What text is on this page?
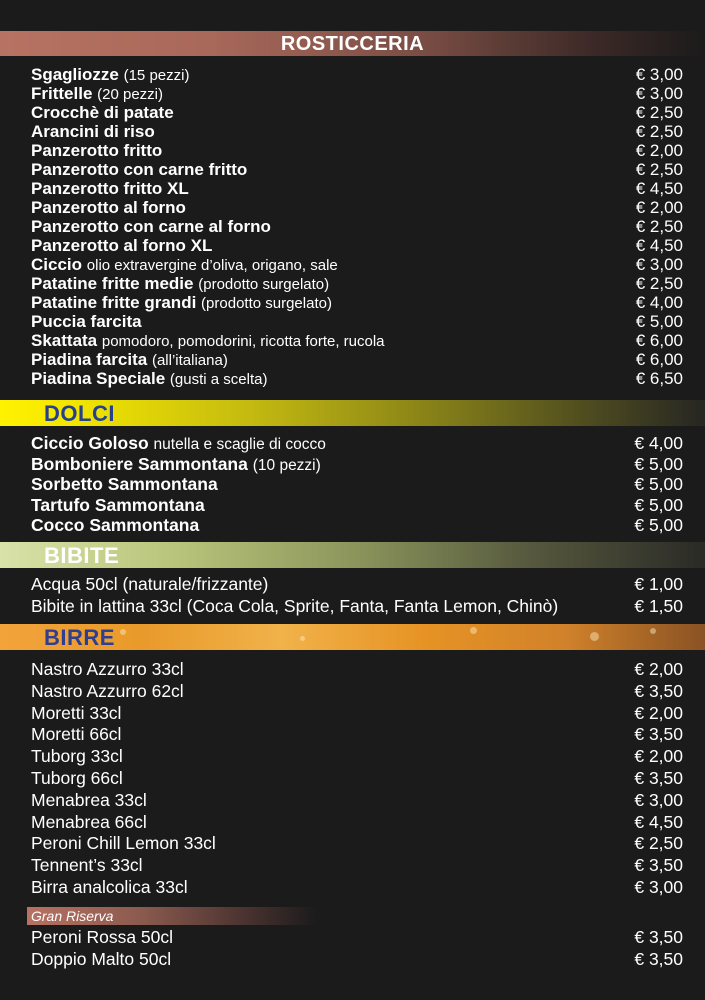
ROSTICCERIA
Sgagliozze (15 pezzi)	€ 3,00
Frittelle (20 pezzi)	€ 3,00
Crocchè di patate	€ 2,50
Arancini di riso	€ 2,50
Panzerotto fritto	€ 2,00
Panzerotto con carne fritto	€ 2,50
Panzerotto fritto XL	€ 4,50
Panzerotto al forno	€ 2,00
Panzerotto con carne al forno	€ 2,50
Panzerotto al forno XL	€ 4,50
Ciccio olio extravergine d’oliva, origano, sale	€ 3,00
Patatine fritte medie (prodotto surgelato)	€ 2,50
Patatine fritte grandi (prodotto surgelato)	€ 4,00
Puccia farcita	€ 5,00
Skattata pomodoro, pomodorini, ricotta forte, rucola	€ 6,00
Piadina farcita (all’italiana)	€ 6,00
Piadina Speciale (gusti a scelta)	€ 6,50
DOLCI
Ciccio Goloso nutella e scaglie di cocco	€ 4,00
Bomboniere Sammontana (10 pezzi)	€ 5,00
Sorbetto Sammontana	€ 5,00
Tartufo Sammontana	€ 5,00
Cocco Sammontana	€ 5,00
BIBITE
Acqua 50cl (naturale/frizzante)	€ 1,00
Bibite in lattina 33cl (Coca Cola, Sprite, Fanta, Fanta Lemon, Chinò)	€ 1,50
BIRRE
Nastro Azzurro 33cl	€ 2,00
Nastro Azzurro 62cl	€ 3,50
Moretti 33cl	€ 2,00
Moretti 66cl	€ 3,50
Tuborg 33cl	€ 2,00
Tuborg 66cl	€ 3,50
Menabrea 33cl	€ 3,00
Menabrea 66cl	€ 4,50
Peroni Chill Lemon 33cl	€ 2,50
Tennent’s 33cl	€ 3,50
Birra analcolica 33cl	€ 3,00
Gran Riserva
Peroni Rossa 50cl	€ 3,50
Doppio Malto 50cl	€ 3,50
